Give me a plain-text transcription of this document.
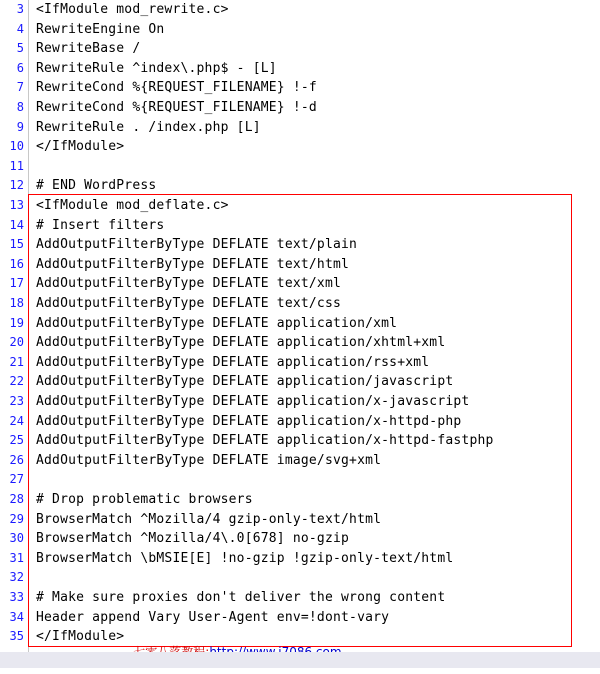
3 <IfModule mod_rewrite.c>
4 RewriteEngine On
5 RewriteBase /
6 RewriteRule ^index\.php$ - [L]
7 RewriteCond %{REQUEST_FILENAME} !-f
8 RewriteCond %{REQUEST_FILENAME} !-d
9 RewriteRule . /index.php [L]
10 </IfModule>
11
12 # END WordPress
13 <IfModule mod_deflate.c>
14 # Insert filters
15 AddOutputFilterByType DEFLATE text/plain
16 AddOutputFilterByType DEFLATE text/html
17 AddOutputFilterByType DEFLATE text/xml
18 AddOutputFilterByType DEFLATE text/css
19 AddOutputFilterByType DEFLATE application/xml
20 AddOutputFilterByType DEFLATE application/xhtml+xml
21 AddOutputFilterByType DEFLATE application/rss+xml
22 AddOutputFilterByType DEFLATE application/javascript
23 AddOutputFilterByType DEFLATE application/x-javascript
24 AddOutputFilterByType DEFLATE application/x-httpd-php
25 AddOutputFilterByType DEFLATE application/x-httpd-fastphp
26 AddOutputFilterByType DEFLATE image/svg+xml
27
28 # Drop problematic browsers
29 BrowserMatch ^Mozilla/4 gzip-only-text/html
30 BrowserMatch ^Mozilla/4\.0[678] no-gzip
31 BrowserMatch \bMSIE[E] !no-gzip !gzip-only-text/html
32
33 # Make sure proxies don't deliver the wrong content
34 Header append Vary User-Agent env=!dont-vary
35 </IfModule>
